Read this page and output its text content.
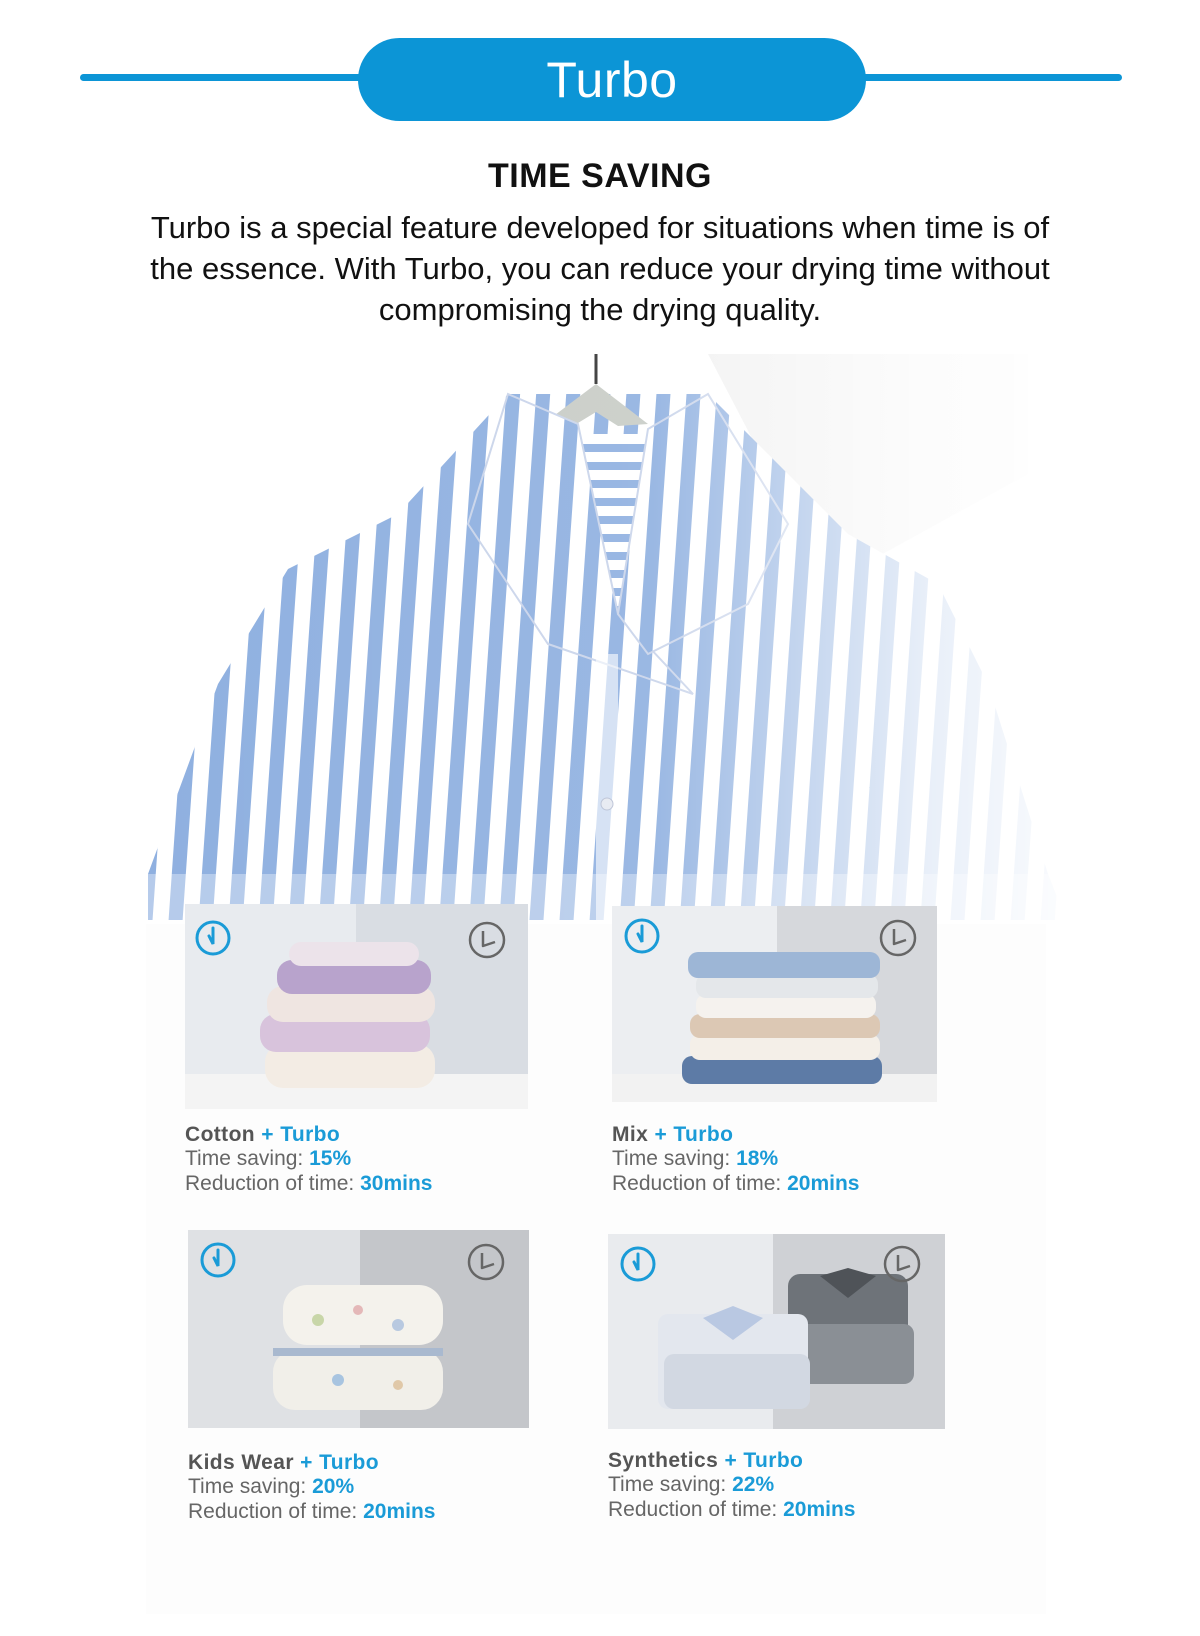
Turbo
TIME SAVING
Turbo is a special feature developed for situations when time is of
the essence. With Turbo, you can reduce your drying time without
compromising the drying quality.
Cotton + Turbo
Time saving: 15%
Reduction of time: 30mins
Mix + Turbo
Time saving: 18%
Reduction of time: 20mins
Kids Wear + Turbo
Time saving: 20%
Reduction of time: 20mins
Synthetics + Turbo
Time saving: 22%
Reduction of time: 20mins
